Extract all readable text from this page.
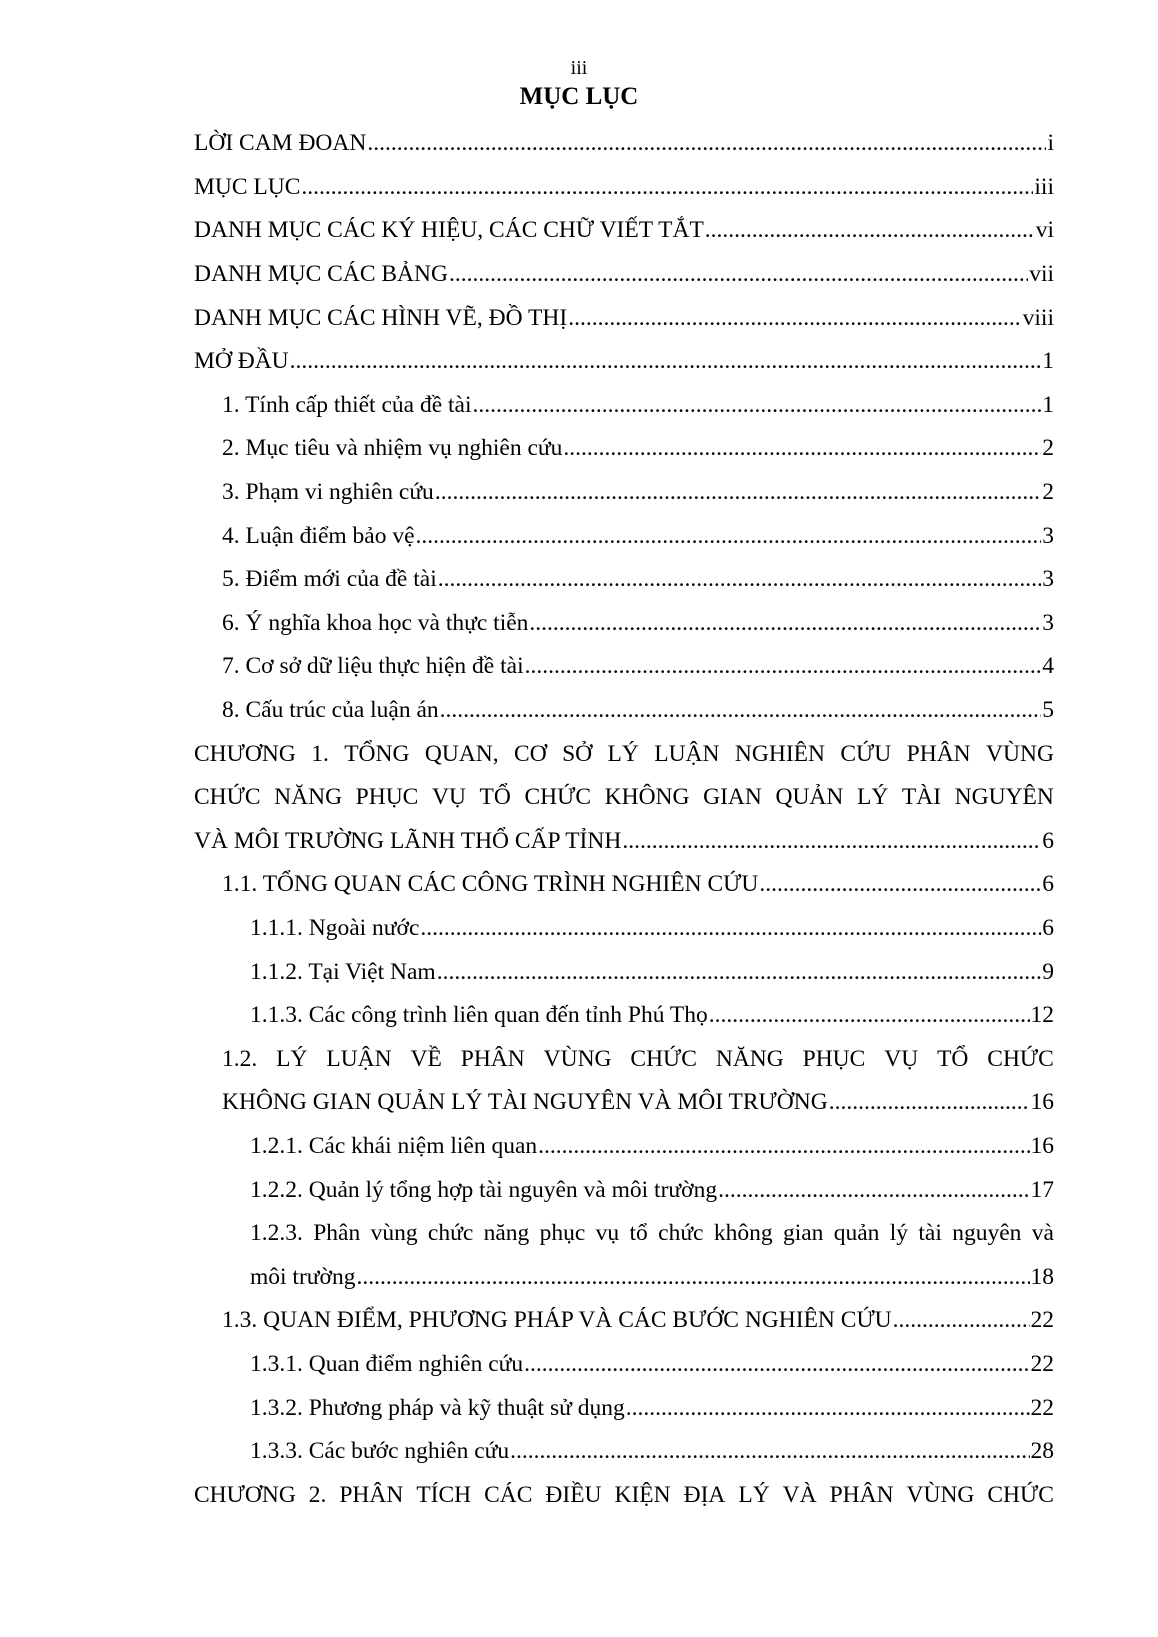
iii
MỤC LỤC
LỜI CAM ĐOAN .....	i
MỤC LỤC .....	iii
DANH MỤC CÁC KÝ HIỆU, CÁC CHỮ VIẾT TẮT .....	vi
DANH MỤC CÁC BẢNG .....	vii
DANH MỤC CÁC HÌNH VẼ, ĐỒ THỊ .....	viii
MỞ ĐẦU .....	1
1. Tính cấp thiết của đề tài .....	1
2. Mục tiêu và nhiệm vụ nghiên cứu .....	2
3. Phạm vi nghiên cứu .....	2
4. Luận điểm bảo vệ .....	3
5. Điểm mới của đề tài .....	3
6. Ý nghĩa khoa học và thực tiễn .....	3
7. Cơ sở dữ liệu thực hiện đề tài .....	4
8. Cấu trúc của luận án .....	5
CHƯƠNG 1. TỔNG QUAN, CƠ SỞ LÝ LUẬN NGHIÊN CỨU PHÂN VÙNG
CHỨC NĂNG PHỤC VỤ TỔ CHỨC KHÔNG GIAN QUẢN LÝ TÀI NGUYÊN
VÀ MÔI TRƯỜNG LÃNH THỔ CẤP TỈNH .....	6
1.1. TỔNG QUAN CÁC CÔNG TRÌNH NGHIÊN CỨU .....	6
1.1.1. Ngoài nước .....	6
1.1.2. Tại Việt Nam .....	9
1.1.3. Các công trình liên quan đến tỉnh Phú Thọ .....	12
1.2. LÝ LUẬN VỀ PHÂN VÙNG CHỨC NĂNG PHỤC VỤ TỔ CHỨC
KHÔNG GIAN QUẢN LÝ TÀI NGUYÊN VÀ MÔI TRƯỜNG .....	16
1.2.1. Các khái niệm liên quan .....	16
1.2.2. Quản lý tổng hợp tài nguyên và môi trường .....	17
1.2.3. Phân vùng chức năng phục vụ tổ chức không gian quản lý tài nguyên và
môi trường .....	18
1.3. QUAN ĐIỂM, PHƯƠNG PHÁP VÀ CÁC BƯỚC NGHIÊN CỨU .....	22
1.3.1. Quan điểm nghiên cứu .....	22
1.3.2. Phương pháp và kỹ thuật sử dụng .....	22
1.3.3. Các bước nghiên cứu .....	28
CHƯƠNG 2. PHÂN TÍCH CÁC ĐIỀU KIỆN ĐỊA LÝ VÀ PHÂN VÙNG CHỨC
